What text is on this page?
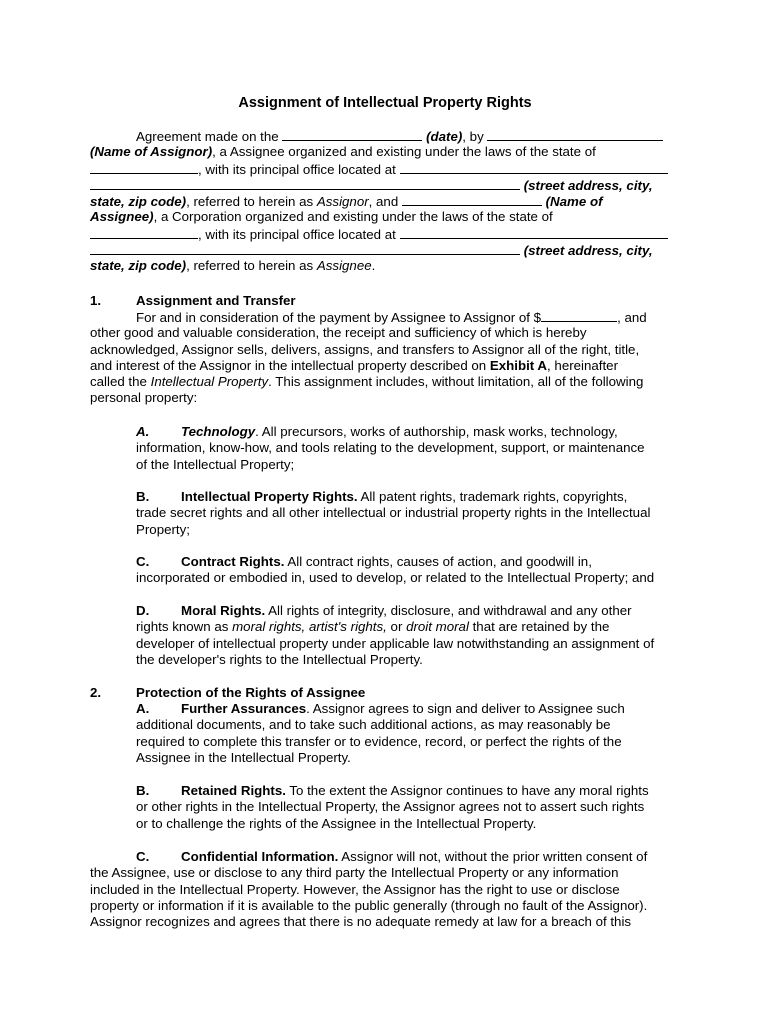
Assignment of Intellectual Property Rights
Agreement made on the	(date), by
(Name of Assignor), a Assignee organized and existing under the laws of the state of
, with its principal office located at
(street address, city,
state, zip code), referred to herein as Assignor, and	(Name of
Assignee), a Corporation organized and existing under the laws of the state of
, with its principal office located at
(street address, city,
state, zip code), referred to herein as Assignee.
1.	Assignment and Transfer
For and in consideration of the payment by Assignee to Assignor of $	, and
other good and valuable consideration, the receipt and sufficiency of which is hereby
acknowledged, Assignor sells, delivers, assigns, and transfers to Assignor all of the right, title,
and interest of the Assignor in the intellectual property described on Exhibit A, hereinafter
called the Intellectual Property. This assignment includes, without limitation, all of the following
personal property:
A. Technology. All precursors, works of authorship, mask works, technology,
information, know-how, and tools relating to the development, support, or maintenance
of the Intellectual Property;
B. Intellectual Property Rights. All patent rights, trademark rights, copyrights,
trade secret rights and all other intellectual or industrial property rights in the Intellectual
Property;
C. Contract Rights. All contract rights, causes of action, and goodwill in,
incorporated or embodied in, used to develop, or related to the Intellectual Property; and
D. Moral Rights. All rights of integrity, disclosure, and withdrawal and any other
rights known as moral rights, artist's rights, or droit moral that are retained by the
developer of intellectual property under applicable law notwithstanding an assignment of
the developer's rights to the Intellectual Property.
2.	Protection of the Rights of Assignee
A. Further Assurances. Assignor agrees to sign and deliver to Assignee such
additional documents, and to take such additional actions, as may reasonably be
required to complete this transfer or to evidence, record, or perfect the rights of the
Assignee in the Intellectual Property.
B. Retained Rights. To the extent the Assignor continues to have any moral rights
or other rights in the Intellectual Property, the Assignor agrees not to assert such rights
or to challenge the rights of the Assignee in the Intellectual Property.
C. Confidential Information. Assignor will not, without the prior written consent of
the Assignee, use or disclose to any third party the Intellectual Property or any information
included in the Intellectual Property. However, the Assignor has the right to use or disclose
property or information if it is available to the public generally (through no fault of the Assignor).
Assignor recognizes and agrees that there is no adequate remedy at law for a breach of this
